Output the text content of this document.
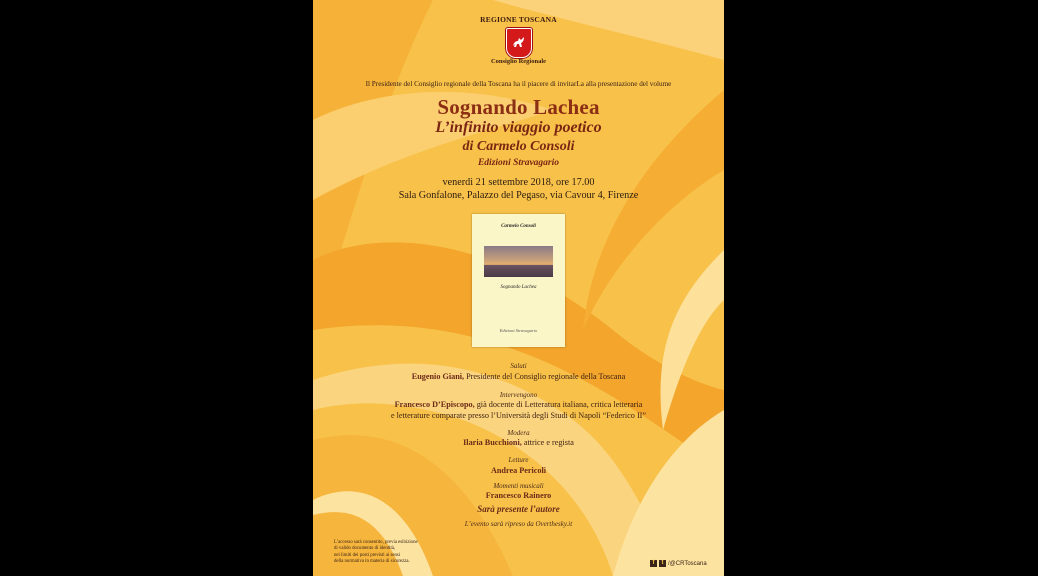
REGIONE TOSCANA
Consiglio Regionale
Il Presidente del Consiglio regionale della Toscana ha il piacere di invitarLa alla presentazione del volume
Sognando Lachea
L’infinito viaggio poetico
di Carmelo Consoli
Edizioni Stravagario
venerdì 21 settembre 2018, ore 17.00
Sala Gonfalone, Palazzo del Pegaso, via Cavour 4, Firenze
Carmelo Consoli
Sognando Lachea
Edizioni Stravagario
Saluti
Eugenio Giani, Presidente del Consiglio regionale della Toscana
Intervengono
Francesco D’Episcopo, già docente di Letteratura italiana, critica letteraria
e letterature comparate presso l’Università degli Studi di Napoli “Federico II”
Modera
Ilaria Bucchioni, attrice e regista
Letture
Andrea Pericoli
Momenti musicali
Francesco Rainero
Sarà presente l’autore
L’evento sarà ripreso da Overthesky.it
L’accesso sarà consentito, previa esibizione
di valido documento di identità,
nei limiti dei posti previsti ai sensi
della normativa in materia di sicurezza.	f	t /@CRToscana
